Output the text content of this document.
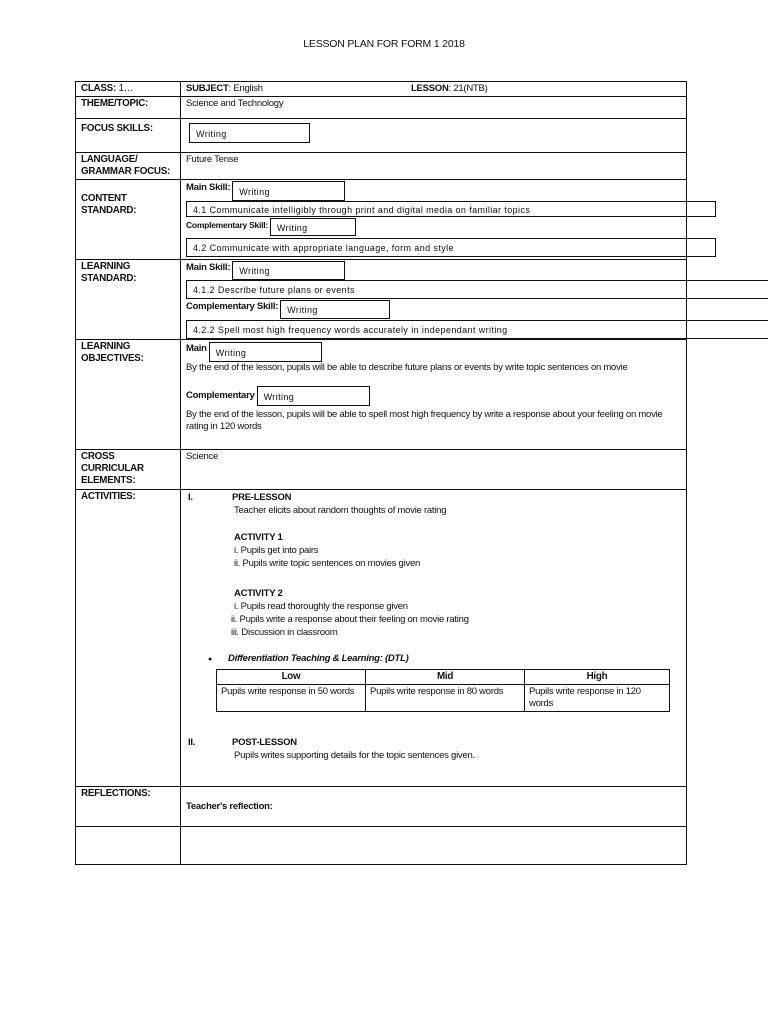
LESSON PLAN FOR FORM 1 2018
CLASS: 1…	SUBJECT: English	LESSON: 21(NTB)

THEME/TOPIC:	Science and Technology
FOCUS SKILLS:	Writing
LANGUAGE/
GRAMMAR FOCUS:	Future Tense
CONTENT
STANDARD:	
Main Skill:	Writing
4.1 Communicate intelligibly through print and digital media on familiar topics
Complementary Skill:	Writing
4.2 Communicate with appropriate language, form and style

LEARNING
STANDARD:	
Main Skill:	Writing
4.1.2 Describe future plans or events
Complementary Skill:	Writing
4.2.2 Spell most high frequency words accurately in independant writing

LEARNING
OBJECTIVES:	
Main	Writing
By the end of the lesson, pupils will be able to describe future plans or events by write topic sentences on movie
Complementary	Writing
By the end of the lesson, pupils will be able to spell most high frequency by write a response about your feeling on movie rating in 120 words

CROSS
CURRICULAR
ELEMENTS:	Science
ACTIVITIES:	I.	PRE-LESSON
Teacher elicits about random thoughts of movie rating
ACTIVITY 1
i. Pupils get into pairs
ii. Pupils write topic sentences on movies given
ACTIVITY 2
i. Pupils read thoroughly the response given
ii. Pupils write a response about their feeling on movie rating
iii. Discussion in classroom
● Differentiation Teaching & Learning: (DTL)
Low	Mid	High
Pupils write response in 50 words	Pupils write response in 80 words	Pupils write response in 120 words
II.	POST-LESSON
Pupils writes supporting details for the topic sentences given.

REFLECTIONS:	Teacher's reflection:
